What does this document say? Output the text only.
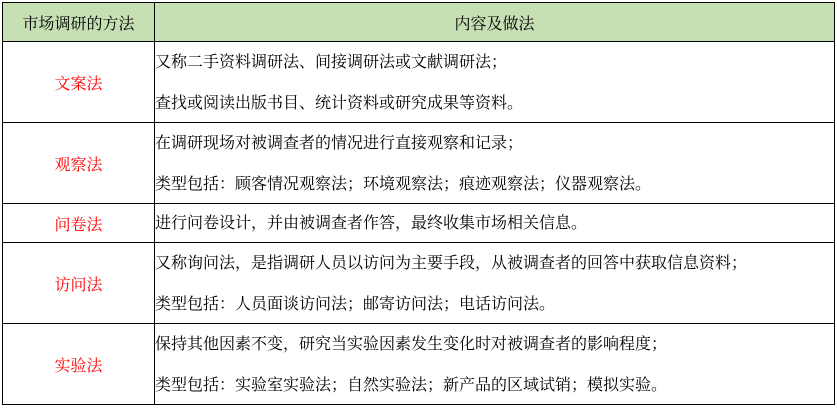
市场调研的方法	内容及做法
文案法	又称二手资料调研法、间接调研法或文献调研法；
查找或阅读出版书目、统计资料或研究成果等资料。

观察法	在调研现场对被调查者的情况进行直接观察和记录；
类型包括：顾客情况观察法；环境观察法；痕迹观察法；仪器观察法。

问卷法	进行问卷设计，并由被调查者作答，最终收集市场相关信息。

访问法	又称询问法，是指调研人员以访问为主要手段，从被调查者的回答中获取信息资料；
类型包括：人员面谈访问法；邮寄访问法；电话访问法。

实验法	保持其他因素不变，研究当实验因素发生变化时对被调查者的影响程度；
类型包括：实验室实验法；自然实验法；新产品的区域试销；模拟实验。
